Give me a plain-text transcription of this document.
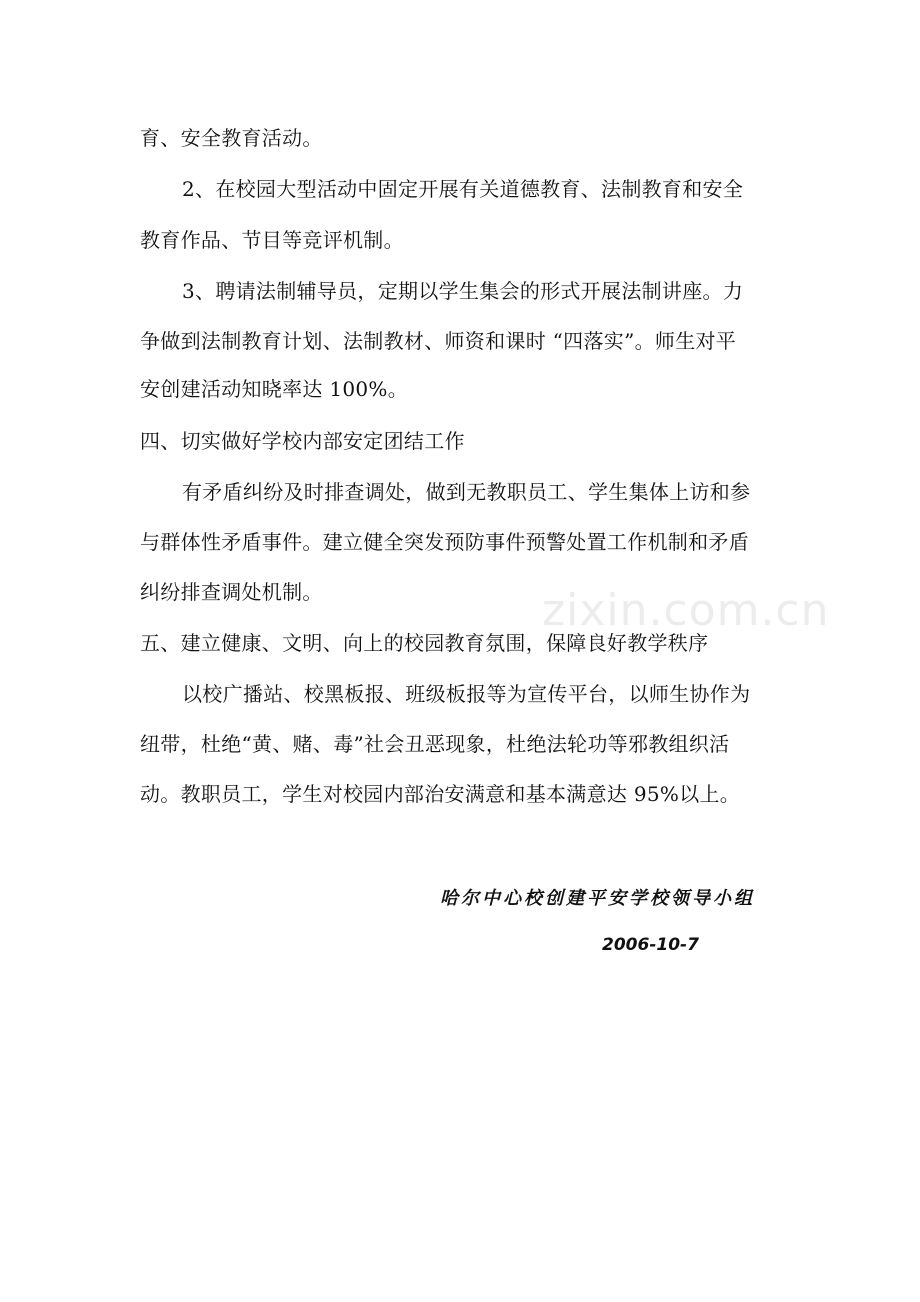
zixin.com.cn
育、安全教育活动。
2、在校园大型活动中固定开展有关道德教育、法制教育和安全
教育作品、节目等竞评机制。
3、聘请法制辅导员，定期以学生集会的形式开展法制讲座。力
争做到法制教育计划、法制教材、师资和课时 “四落实”。师生对平
安创建活动知晓率达 100%。
四、切实做好学校内部安定团结工作
有矛盾纠纷及时排查调处，做到无教职员工、学生集体上访和参
与群体性矛盾事件。建立健全突发预防事件预警处置工作机制和矛盾
纠纷排查调处机制。
五、建立健康、文明、向上的校园教育氛围，保障良好教学秩序
以校广播站、校黑板报、班级板报等为宣传平台，以师生协作为
纽带，杜绝“黄、赌、毒”社会丑恶现象，杜绝法轮功等邪教组织活
动。教职员工，学生对校园内部治安满意和基本满意达 95%以上。
哈尔中心校创建平安学校领导小组
2006-10-7
